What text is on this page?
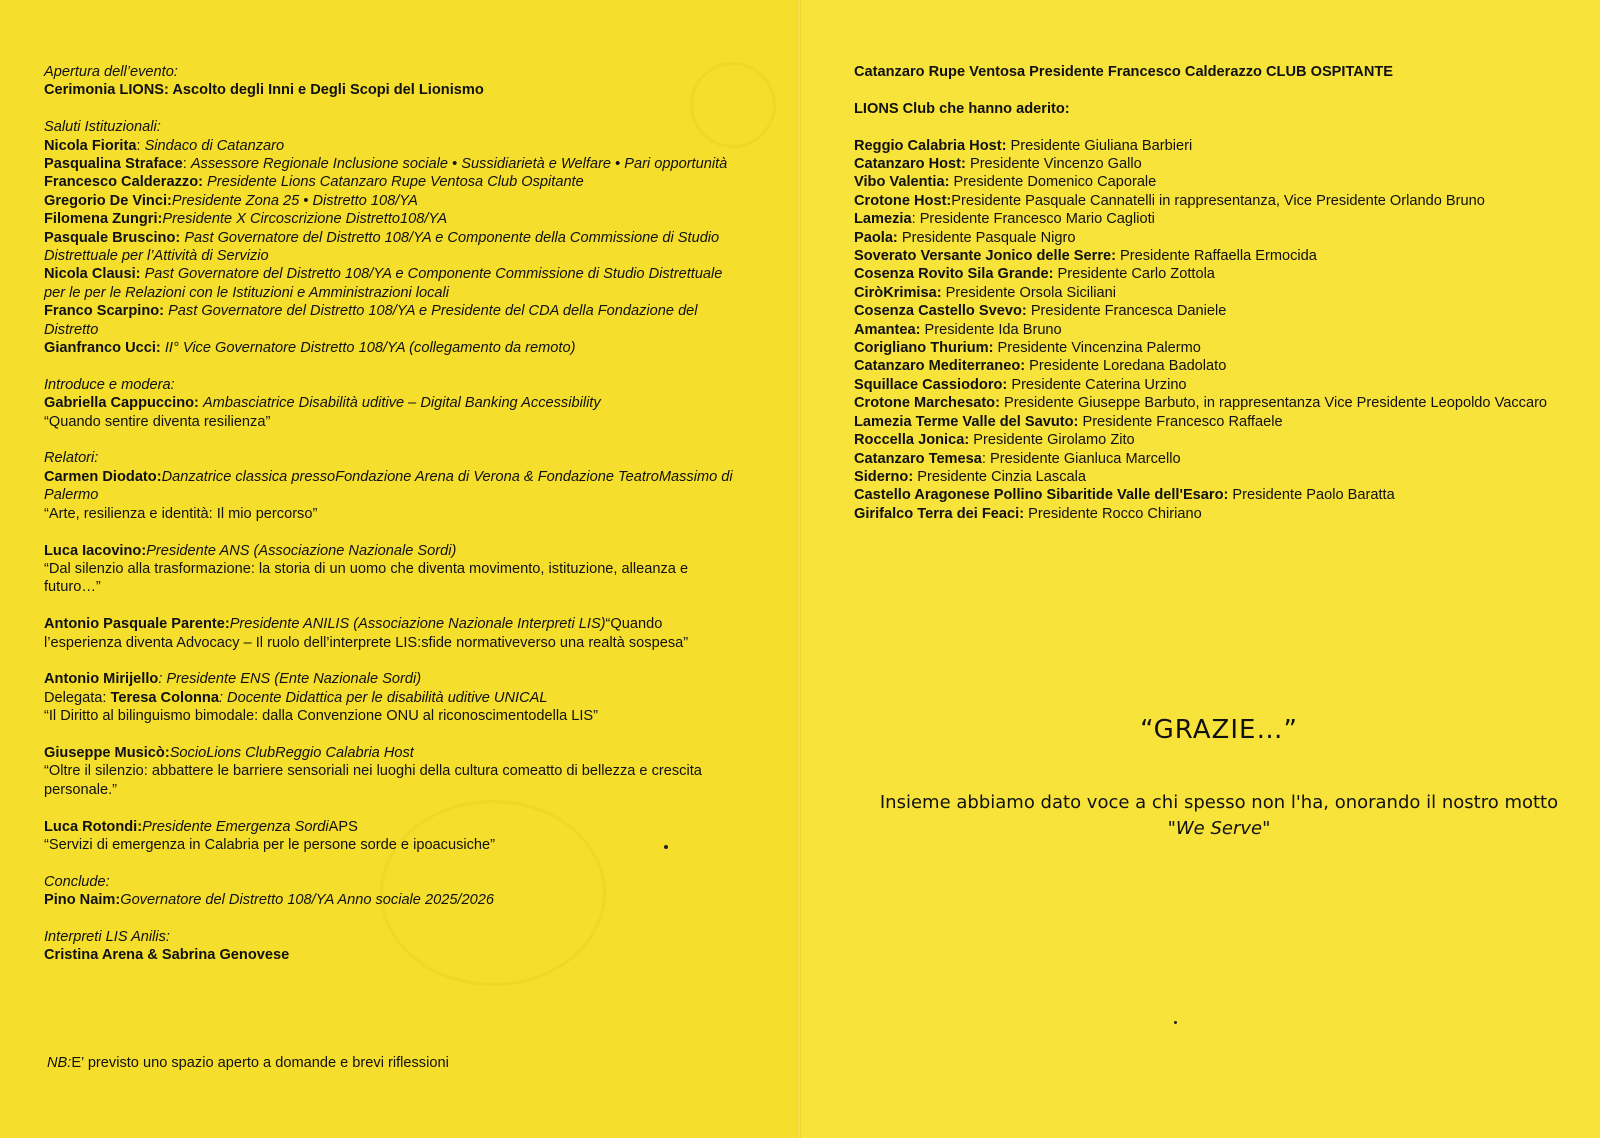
Apertura dell’evento:
Cerimonia LIONS: Ascolto degli Inni e Degli Scopi del Lionismo
Saluti Istituzionali:
Nicola Fiorita: Sindaco di Catanzaro
Pasqualina Straface: Assessore Regionale Inclusione sociale • Sussidiarietà e Welfare • Pari opportunità
Francesco Calderazzo: Presidente Lions Catanzaro Rupe Ventosa Club Ospitante
Gregorio De Vinci:Presidente Zona 25 • Distretto 108/YA
Filomena Zungri:Presidente X Circoscrizione Distretto108/YA
Pasquale Bruscino: Past Governatore del Distretto 108/YA e Componente della Commissione di Studio Distrettuale per l’Attività di Servizio
Nicola Clausi: Past Governatore del Distretto 108/YA e Componente Commissione di Studio Distrettuale per le per le Relazioni con le Istituzioni e Amministrazioni locali
Franco Scarpino: Past Governatore del Distretto 108/YA e Presidente del CDA della Fondazione del Distretto
Gianfranco Ucci: II° Vice Governatore Distretto 108/YA (collegamento da remoto)
Introduce e modera:
Gabriella Cappuccino: Ambasciatrice Disabilità uditive – Digital Banking Accessibility
“Quando sentire diventa resilienza”
Relatori:
Carmen Diodato:Danzatrice classica pressoFondazione Arena di Verona & Fondazione TeatroMassimo di Palermo
“Arte, resilienza e identità: Il mio percorso”
Luca Iacovino:Presidente ANS (Associazione Nazionale Sordi)
“Dal silenzio alla trasformazione: la storia di un uomo che diventa movimento, istituzione, alleanza e futuro…”
Antonio Pasquale Parente:Presidente ANILIS (Associazione Nazionale Interpreti LIS)“Quando l’esperienza diventa Advocacy – Il ruolo dell’interprete LIS:sfide normativeverso una realtà sospesa”
Antonio Mirijello: Presidente ENS (Ente Nazionale Sordi)
Delegata: Teresa Colonna: Docente Didattica per le disabilità uditive UNICAL
“Il Diritto al bilinguismo bimodale: dalla Convenzione ONU al riconoscimentodella LIS”
Giuseppe Musicò:SocioLions ClubReggio Calabria Host
“Oltre il silenzio: abbattere le barriere sensoriali nei luoghi della cultura comeatto di bellezza e crescita personale.”
Luca Rotondi:Presidente Emergenza SordiAPS
“Servizi di emergenza in Calabria per le persone sorde e ipoacusiche”
Conclude:
Pino Naim:Governatore del Distretto 108/YA Anno sociale 2025/2026
Interpreti LIS Anilis:
Cristina Arena & Sabrina Genovese
NB:E’ previsto uno spazio aperto a domande e brevi riflessioni
Catanzaro Rupe Ventosa Presidente Francesco Calderazzo CLUB OSPITANTE
LIONS Club che hanno aderito:
Reggio Calabria Host: Presidente Giuliana Barbieri
Catanzaro Host: Presidente Vincenzo Gallo
Vibo Valentia: Presidente Domenico Caporale
Crotone Host:Presidente Pasquale Cannatelli in rappresentanza, Vice Presidente Orlando Bruno
Lamezia: Presidente Francesco Mario Caglioti
Paola: Presidente Pasquale Nigro
Soverato Versante Jonico delle Serre: Presidente Raffaella Ermocida
Cosenza Rovito Sila Grande: Presidente Carlo Zottola
CiròKrimisa: Presidente Orsola Siciliani
Cosenza Castello Svevo: Presidente Francesca Daniele
Amantea: Presidente Ida Bruno
Corigliano Thurium: Presidente Vincenzina Palermo
Catanzaro Mediterraneo: Presidente Loredana Badolato
Squillace Cassiodoro: Presidente Caterina Urzino
Crotone Marchesato: Presidente Giuseppe Barbuto, in rappresentanza Vice Presidente Leopoldo Vaccaro
Lamezia Terme Valle del Savuto: Presidente Francesco Raffaele
Roccella Jonica: Presidente Girolamo Zito
Catanzaro Temesa: Presidente Gianluca Marcello
Siderno: Presidente Cinzia Lascala
Castello Aragonese Pollino Sibaritide Valle dell'Esaro: Presidente Paolo Baratta
Girifalco Terra dei Feaci: Presidente Rocco Chiriano
“GRAZIE…”
Insieme abbiamo dato voce a chi spesso non l'ha, onorando il nostro motto
"We Serve"
